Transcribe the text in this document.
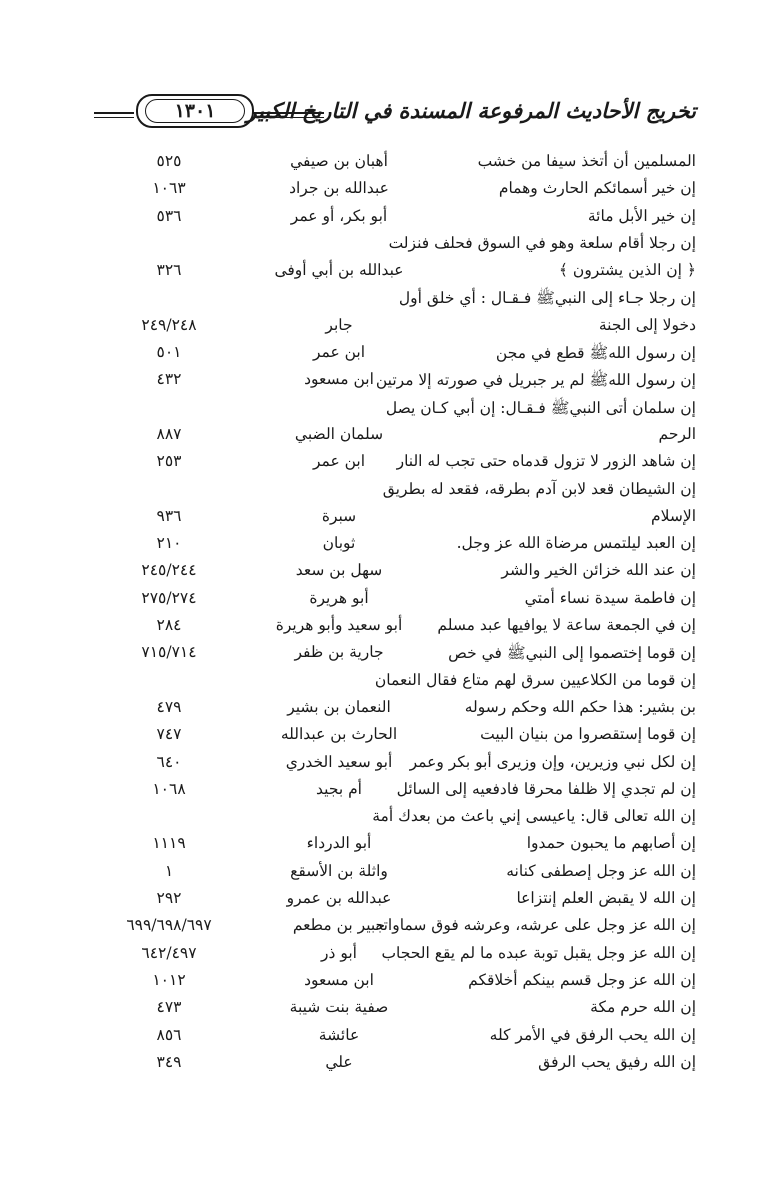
١٣٠١	تخريج الأحاديث المرفوعة المسندة في التاريخ الكبير
المسلمين أن أتخذ سيفا من خشب
أهبان بن صيفي
٥٢٥
إن خير أسمائكم الحارث وهمام
عبدالله بن جراد
١٠٦٣
إن خير الأبل مائة
أبو بكر، أو عمر
٥٣٦
إن رجلا أقام سلعة وهو في السوق فحلف فنزلت
﴿ إن الذين يشترون ﴾
عبدالله بن أبي أوفى
٣٢٦
إن رجلا جـاء إلى النبيﷺ فـقـال : أي خلق أول
دخولا إلى الجنة
جابر
٢٤٩/٢٤٨
إن رسول اللهﷺ قطع في مجن
ابن عمر
٥٠١
إن رسول اللهﷺ لم ير جبريل في صورته إلا مرتين
ابن مسعود
٤٣٢
إن سلمان أتى النبيﷺ فـقـال: إن أبي كـان يصل
الرحم
سلمان الضبي
٨٨٧
إن شاهد الزور لا تزول قدماه حتى تجب له النار
ابن عمر
٢٥٣
إن الشيطان قعد لابن آدم بطرقه، فقعد له بطريق
الإسلام
سبرة
٩٣٦
إن العبد ليلتمس مرضاة الله عز وجل.
ثوبان
٢١٠
إن عند الله خزائن الخير والشر
سهل بن سعد
٢٤٥/٢٤٤
إن فاطمة سيدة نساء أمتي
أبو هريرة
٢٧٥/٢٧٤
إن في الجمعة ساعة لا يوافيها عبد مسلم
أبو سعيد وأبو هريرة
٢٨٤
إن قوما إختصموا إلى النبيﷺ في خص
جارية بن ظفر
٧١٥/٧١٤
إن قوما من الكلاعيين سرق لهم متاع فقال النعمان
بن بشير: هذا حكم الله وحكم رسوله
النعمان بن بشير
٤٧٩
إن قوما إستقصروا من بنيان البيت
الحارث بن عبدالله
٧٤٧
إن لكل نبي وزيرين، وإن وزيرى أبو بكر وعمر
أبو سعيد الخدري
٦٤٠
إن لم تجدي إلا ظلفا محرقا فادفعيه إلى السائل
أم بجيد
١٠٦٨
إن الله تعالى قال: ياعيسى إني باعث من بعدك أمة
إن أصابهم ما يحبون حمدوا
أبو الدرداء
١١١٩
إن الله عز وجل إصطفى كنانه
واثلة بن الأسقع
١
إن الله لا يقبض العلم إنتزاعا
عبدالله بن عمرو
٢٩٢
إن الله عز وجل على عرشه، وعرشه فوق سماواته
جبير بن مطعم
٦٩٩/٦٩٨/٦٩٧
إن الله عز وجل يقبل توبة عبده ما لم يقع الحجاب
أبو ذر
٦٤٢/٤٩٧
إن الله عز وجل قسم بينكم أخلاقكم
ابن مسعود
١٠١٢
إن الله حرم مكة
صفية بنت شيبة
٤٧٣
إن الله يحب الرفق في الأمر كله
عائشة
٨٥٦
إن الله رفيق يحب الرفق
علي
٣٤٩
